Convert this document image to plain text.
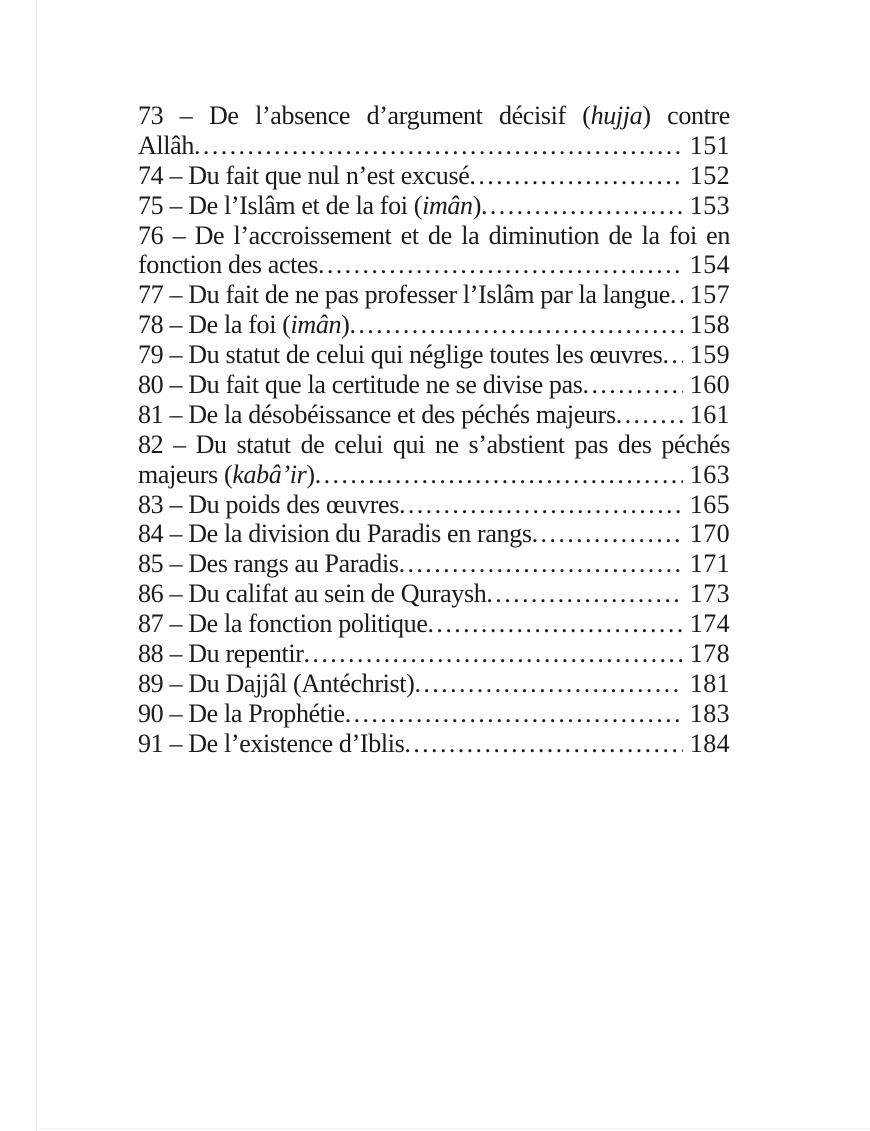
73 – De l’absence d’argument décisif (hujja) contre
Allâh .....	151
74 – Du fait que nul n’est excusé .....	152
75 – De l’Islâm et de la foi (imân) .....	153
76 – De l’accroissement et de la diminution de la foi en
fonction des actes .....	154
77 – Du fait de ne pas professer l’Islâm par la langue ..... 157
78 – De la foi (imân) .....	158
79 – Du statut de celui qui néglige toutes les œuvres ..... 159
80 – Du fait que la certitude ne se divise pas .....	160
81 – De la désobéissance et des péchés majeurs .....	161
82 – Du statut de celui qui ne s’abstient pas des péchés
majeurs (kabâ’ir) .....	163
83 – Du poids des œuvres .....	165
84 – De la division du Paradis en rangs .....	170
85 – Des rangs au Paradis .....	171
86 – Du califat au sein de Quraysh .....	173
87 – De la fonction politique .....	174
88 – Du repentir .....	178
89 – Du Dajjâl (Antéchrist) .....	181
90 – De la Prophétie .....	183
91 – De l’existence d’Iblis .....	184
